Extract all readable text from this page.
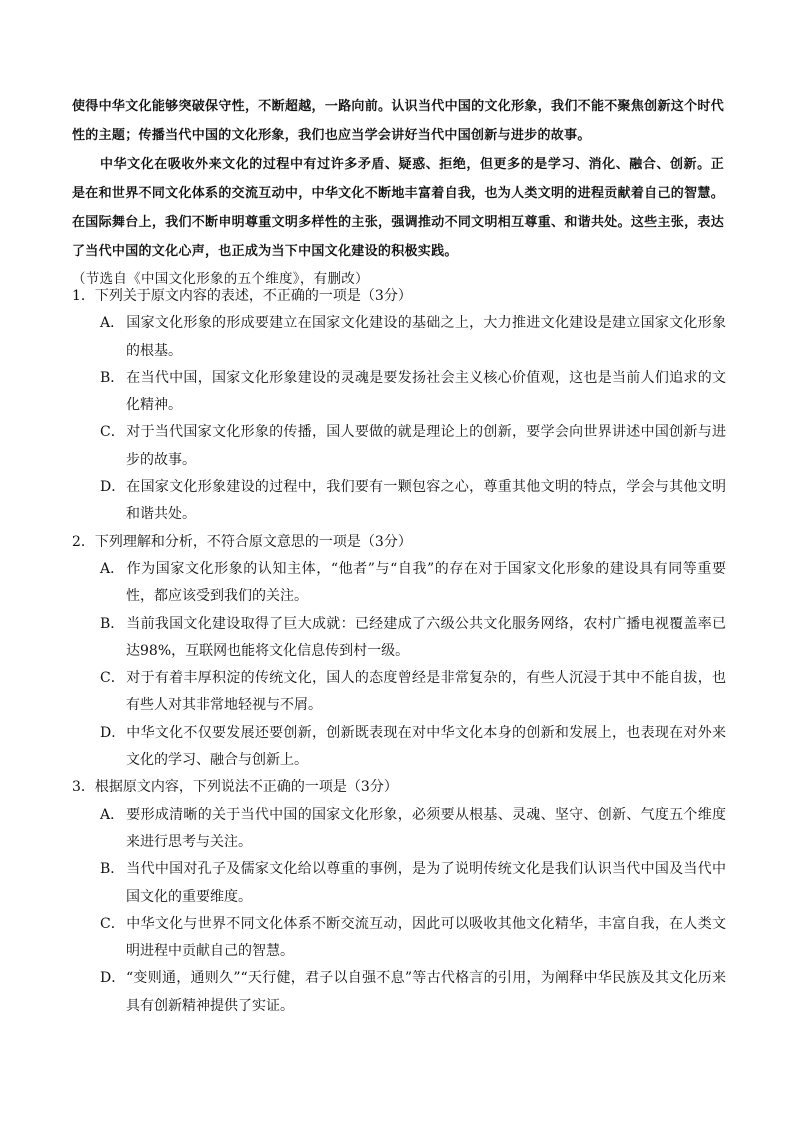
使得中华文化能够突破保守性，不断超越，一路向前。认识当代中国的文化形象，我们不能不聚焦创新这个时代性的主题；传播当代中国的文化形象，我们也应当学会讲好当代中国创新与进步的故事。

中华文化在吸收外来文化的过程中有过许多矛盾、疑惑、拒绝，但更多的是学习、消化、融合、创新。正是在和世界不同文化体系的交流互动中，中华文化不断地丰富着自我，也为人类文明的进程贡献着自己的智慧。在国际舞台上，我们不断申明尊重文明多样性的主张，强调推动不同文明相互尊重、和谐共处。这些主张，表达了当代中国的文化心声，也正成为当下中国文化建设的积极实践。

（节选自《中国文化形象的五个维度》，有删改）

1．下列关于原文内容的表述，不正确的一项是（3分）

A． 国家文化形象的形成要建立在国家文化建设的基础之上，大力推进文化建设是建立国家文化形象的根基。

B． 在当代中国，国家文化形象建设的灵魂是要发扬社会主义核心价值观，这也是当前人们追求的文化精神。

C．对于当代国家文化形象的传播，国人要做的就是理论上的创新，要学会向世界讲述中国创新与进步的故事。

D．在国家文化形象建设的过程中，我们要有一颗包容之心，尊重其他文明的特点，学会与其他文明和谐共处。

2．下列理解和分析，不符合原文意思的一项是（3分）

A． 作为国家文化形象的认知主体，“他者”与“自我”的存在对于国家文化形象的建设具有同等重要性，都应该受到我们的关注。

B． 当前我国文化建设取得了巨大成就：已经建成了六级公共文化服务网络，农村广播电视覆盖率已达98%，互联网也能将文化信息传到村一级。

C．对于有着丰厚积淀的传统文化，国人的态度曾经是非常复杂的，有些人沉浸于其中不能自拔，也有些人对其非常地轻视与不屑。

D．中华文化不仅要发展还要创新，创新既表现在对中华文化本身的创新和发展上，也表现在对外来文化的学习、融合与创新上。

3．根据原文内容，下列说法不正确的一项是（3分）

A． 要形成清晰的关于当代中国的国家文化形象，必须要从根基、灵魂、坚守、创新、气度五个维度来进行思考与关注。

B． 当代中国对孔子及儒家文化给以尊重的事例，是为了说明传统文化是我们认识当代中国及当代中国文化的重要维度。

C．中华文化与世界不同文化体系不断交流互动，因此可以吸收其他文化精华，丰富自我，在人类文明进程中贡献自己的智慧。

D．“变则通，通则久”“天行健，君子以自强不息”等古代格言的引用，为阐释中华民族及其文化历来具有创新精神提供了实证。
